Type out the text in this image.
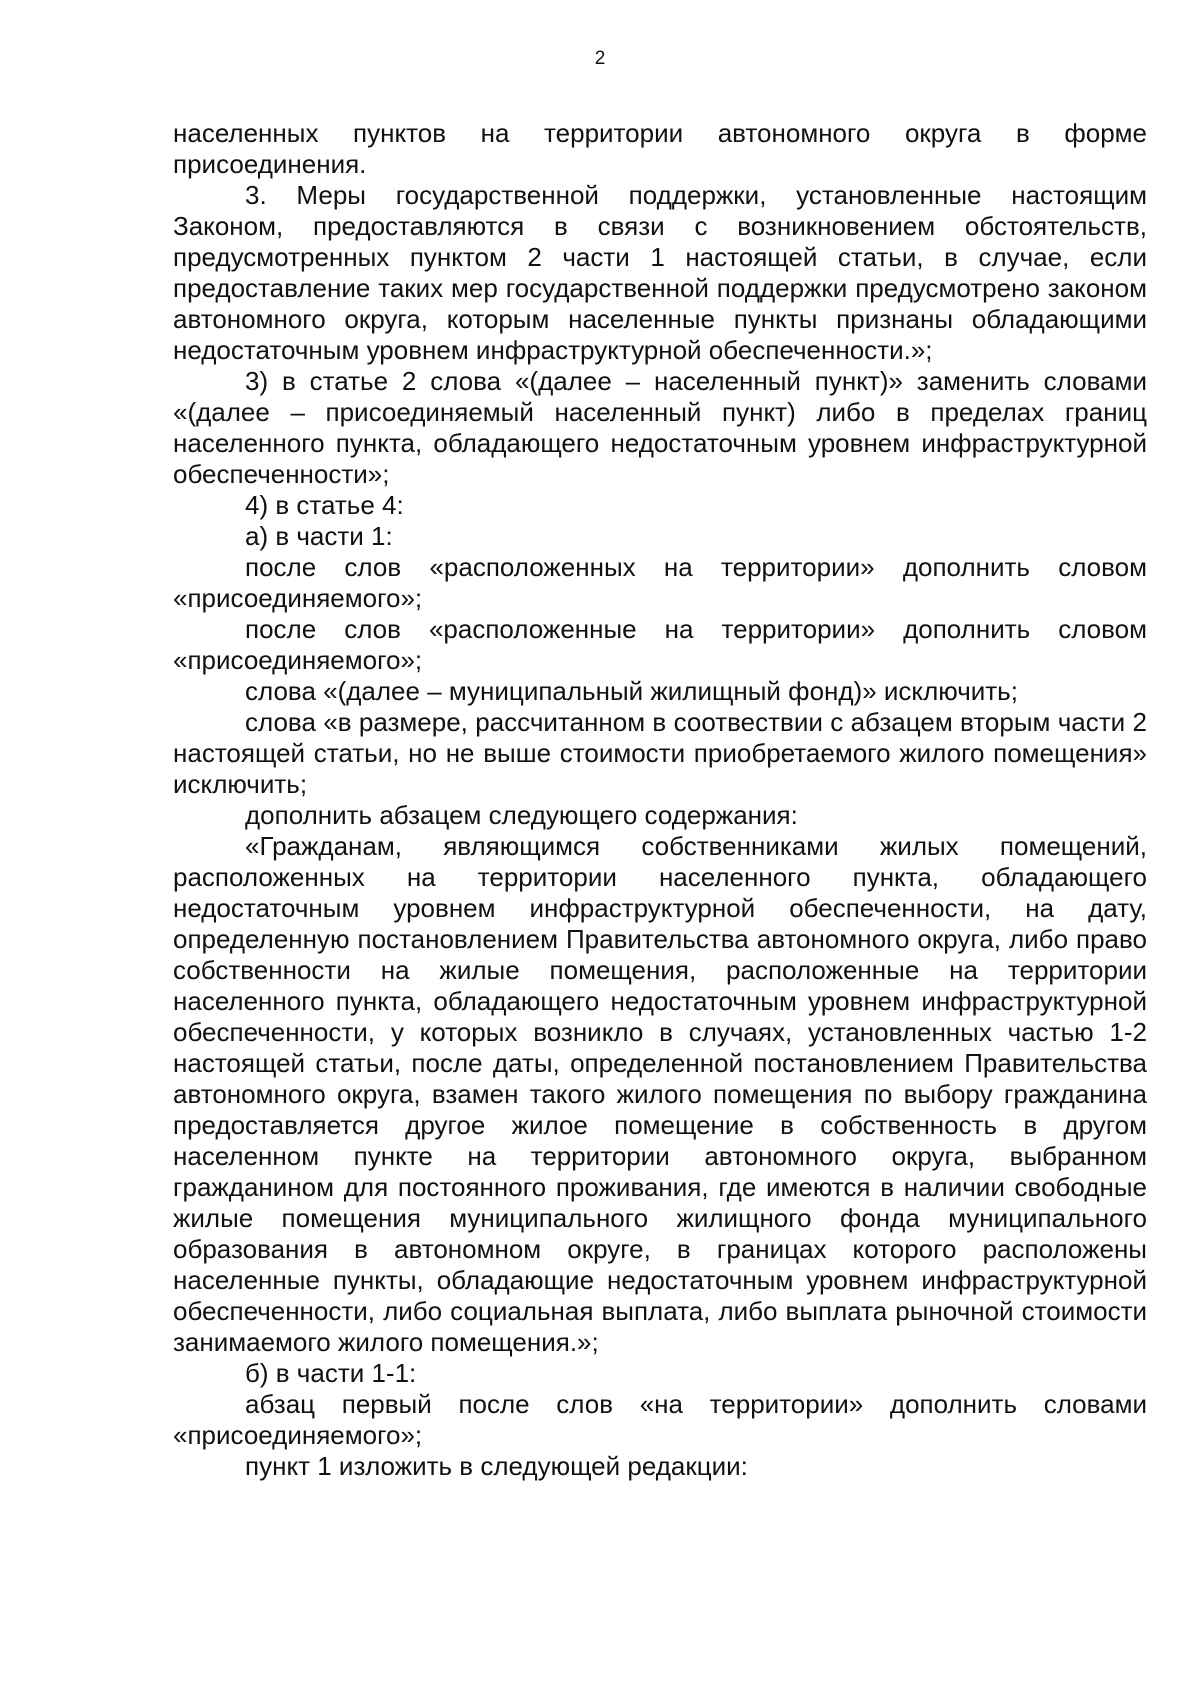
2

населенных пунктов на территории автономного округа в форме присоединения.

3. Меры государственной поддержки, установленные настоящим Законом, предоставляются в связи с возникновением обстоятельств, предусмотренных пунктом 2 части 1 настоящей статьи, в случае, если предоставление таких мер государственной поддержки предусмотрено законом автономного округа, которым населенные пункты признаны обладающими недостаточным уровнем инфраструктурной обеспеченности.»;

3) в статье 2 слова «(далее – населенный пункт)» заменить словами «(далее – присоединяемый населенный пункт) либо в пределах границ населенного пункта, обладающего недостаточным уровнем инфраструктурной обеспеченности»;

4) в статье 4:

а) в части 1:

после слов «расположенных на территории» дополнить словом «присоединяемого»;

после слов «расположенные на территории» дополнить словом «присоединяемого»;

слова «(далее – муниципальный жилищный фонд)» исключить;

слова «в размере, рассчитанном в соотвествии с абзацем вторым части 2 настоящей статьи, но не выше стоимости приобретаемого жилого помещения» исключить;

дополнить абзацем следующего содержания:

«Гражданам, являющимся собственниками жилых помещений, расположенных на территории населенного пункта, обладающего недостаточным уровнем инфраструктурной обеспеченности, на дату, определенную постановлением Правительства автономного округа, либо право собственности на жилые помещения, расположенные на территории населенного пункта, обладающего недостаточным уровнем инфраструктурной обеспеченности, у которых возникло в случаях, установленных частью 1-2 настоящей статьи, после даты, определенной постановлением Правительства автономного округа, взамен такого жилого помещения по выбору гражданина предоставляется другое жилое помещение в собственность в другом населенном пункте на территории автономного округа, выбранном гражданином для постоянного проживания, где имеются в наличии свободные жилые помещения муниципального жилищного фонда муниципального образования в автономном округе, в границах которого расположены населенные пункты, обладающие недостаточным уровнем инфраструктурной обеспеченности, либо социальная выплата, либо выплата рыночной стоимости занимаемого жилого помещения.»;

б) в части 1-1:

абзац первый после слов «на территории» дополнить словами «присоединяемого»;

пункт 1 изложить в следующей редакции:
